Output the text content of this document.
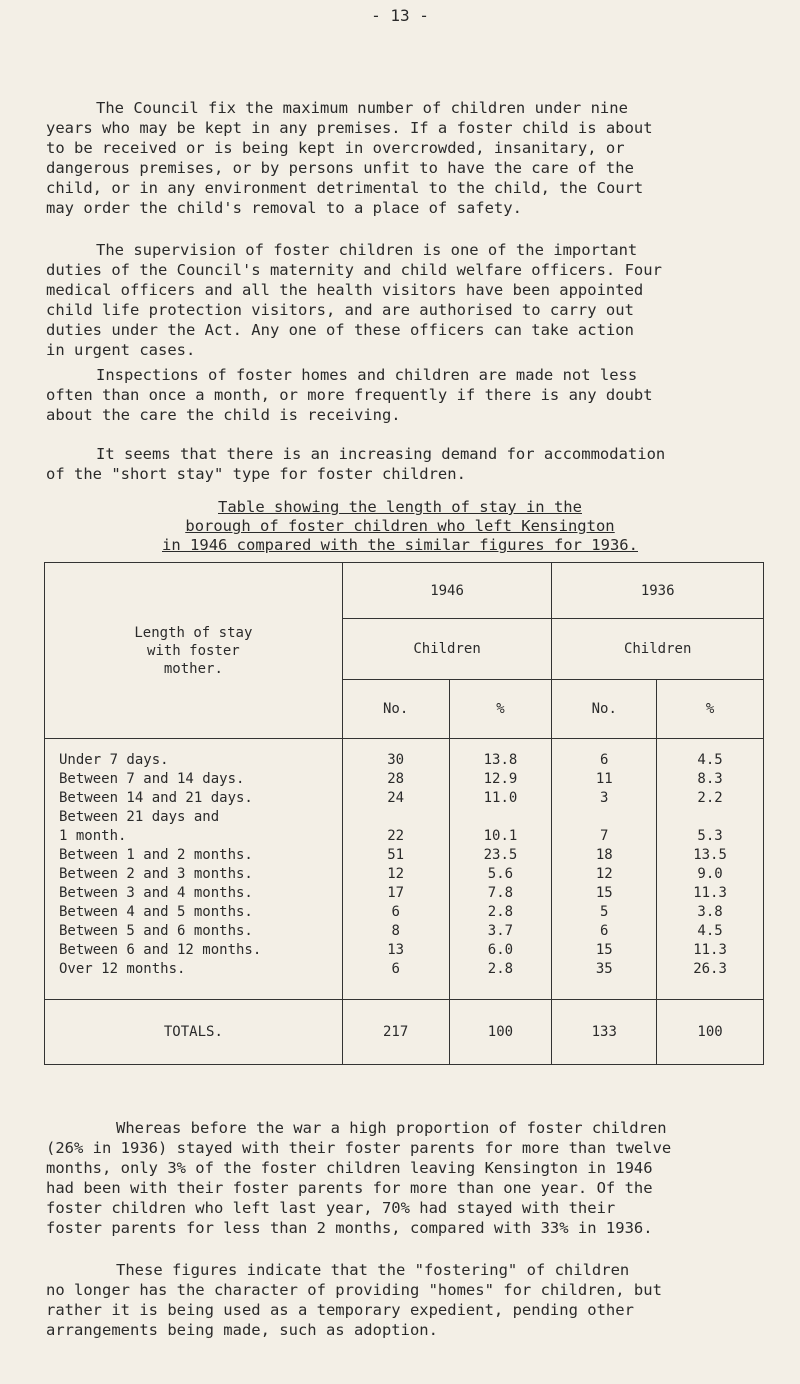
- 13 -
The Council fix the maximum number of children under nine
years who may be kept in any premises. If a foster child is about
to be received or is being kept in overcrowded, insanitary, or
dangerous premises, or by persons unfit to have the care of the
child, or in any environment detrimental to the child, the Court
may order the child's removal to a place of safety.
The supervision of foster children is one of the important
duties of the Council's maternity and child welfare officers. Four
medical officers and all the health visitors have been appointed
child life protection visitors, and are authorised to carry out
duties under the Act. Any one of these officers can take action
in urgent cases.
Inspections of foster homes and children are made not less
often than once a month, or more frequently if there is any doubt
about the care the child is receiving.
It seems that there is an increasing demand for accommodation
of the "short stay" type for foster children.
Table showing the length of stay in the
borough of foster children who left Kensington
in 1946 compared with the similar figures for 1936.
Length of stay
with foster
mother.	1946		1936	
	Children		Children	
	No.	%	No.	%

Under 7 days.	30	13.8	6	4.5
Between 7 and 14 days.	28	12.9	11	8.3
Between 14 and 21 days.	24	11.0	3	2.2

Between 21 days and
1 month.	22	10.1	7	5.3
Between 1 and 2 months.	51	23.5	18	13.5
Between 2 and 3 months.	12	5.6	12	9.0
Between 3 and 4 months.	17	7.8	15	11.3
Between 4 and 5 months.	6	2.8	5	3.8
Between 5 and 6 months.	8	3.7	6	4.5
Between 6 and 12 months.	13	6.0	15	11.3
Over 12 months.	6	2.8	35	26.3

TOTALS.	217	100	133	100
Whereas before the war a high proportion of foster children
(26% in 1936) stayed with their foster parents for more than twelve
months, only 3% of the foster children leaving Kensington in 1946
had been with their foster parents for more than one year. Of the
foster children who left last year, 70% had stayed with their
foster parents for less than 2 months, compared with 33% in 1936.
These figures indicate that the "fostering" of children
no longer has the character of providing "homes" for children, but
rather it is being used as a temporary expedient, pending other
arrangements being made, such as adoption.
